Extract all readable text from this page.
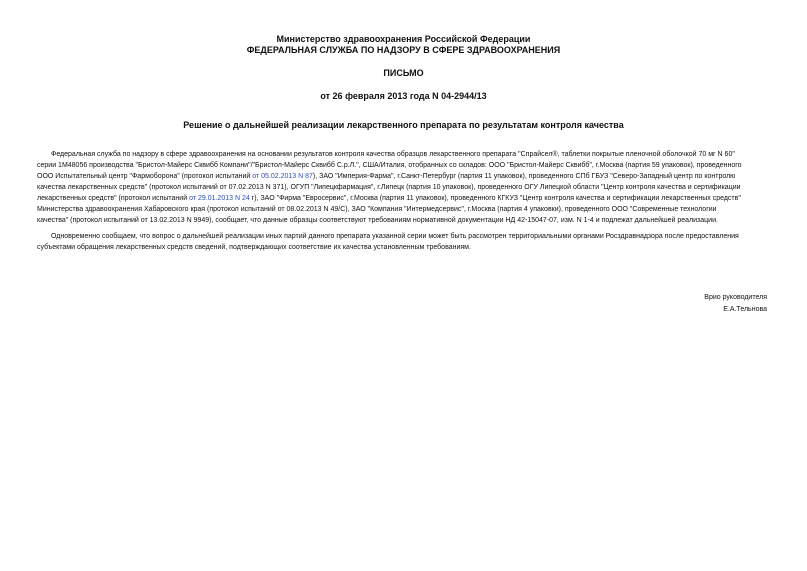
Министерство здравоохранения Российской Федерации
ФЕДЕРАЛЬНАЯ СЛУЖБА ПО НАДЗОРУ В СФЕРЕ ЗДРАВООХРАНЕНИЯ
ПИСЬМО
от 26 февраля 2013 года N 04-2944/13
Решение о дальнейшей реализации лекарственного препарата по результатам контроля качества
Федеральная служба по надзору в сфере здравоохранения на основании результатов контроля качества образцов лекарственного препарата "Спрайсел®, таблетки покрытые пленочной оболочкой 70 мг N 60"
серии 1М48056 производства "Бристол-Майерс Сквибб Компани"/"Бристол-Майерс Сквибб С.р.Л.", США/Италия, отобранных со складов: ООО "Бристол-Майерс Сквибб", г.Москва (партия 59 упаковок), проведенного
ООО Испытательный центр "Фармоборона" (протокол испытаний от 05.02.2013 N 87), ЗАО "Империя-Фарма", г.Санкт-Петербург (партия 11 упаковок), проведенного СПб ГБУЗ "Северо-Западный центр по контролю
качества лекарственных средств" (протокол испытаний от 07.02.2013 N 371), ОГУП "Липецкфармация", г.Липецк (партия 10 упаковок), проведенного ОГУ Липецкой области "Центр контроля качества и сертификации
лекарственных средств" (протокол испытаний от 29.01.2013 N 24 г), ЗАО "Фирма "Евросервис", г.Москва (партия 11 упаковок), проведенного КГКУЗ "Центр контроля качества и сертификации лекарственных средств"
Министерства здравоохранения Хабаровского края (протокол испытаний от 08.02.2013 N 49/С), ЗАО "Компания "Интермедсервис", г.Москва (партия 4 упаковки), проведенного ООО "Современные технологии
качества" (протокол испытаний от 13.02.2013 N 9949), сообщает, что данные образцы соответствуют требованиям нормативной документации НД 42-15047-07, изм. N 1-4 и подлежат дальнейшей реализации.
Одновременно сообщаем, что вопрос о дальнейшей реализации иных партий данного препарата указанной серии может быть рассмотрен территориальными органами Росздравнадзора после предоставления
субъектами обращения лекарственных средств сведений, подтверждающих соответствие их качества установленным требованиям.
Врио руководителя
Е.А.Тельнова
